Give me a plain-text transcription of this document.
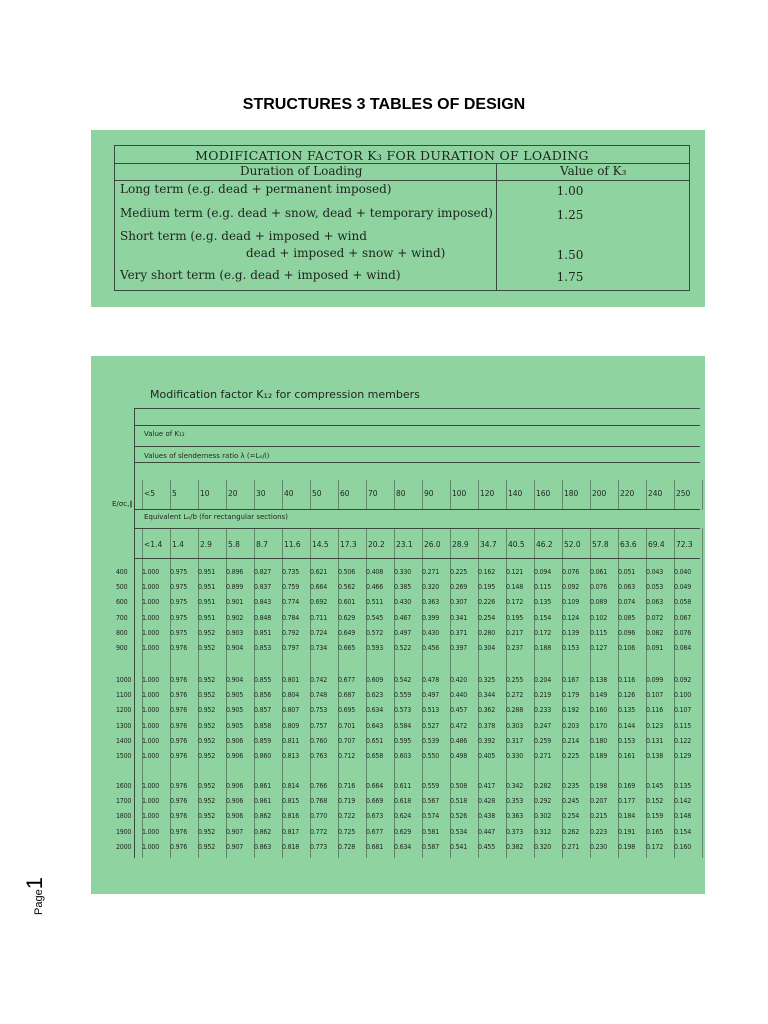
STRUCTURES 3 TABLES OF DESIGN
MODIFICATION FACTOR K₃ FOR DURATION OF LOADING
Duration of Loading	Value of K₃
Long term (e.g. dead + permanent imposed)	1.00
Medium term (e.g. dead + snow, dead + temporary imposed)	1.25
Short term (e.g. dead + imposed + wind
dead + imposed + snow + wind)	1.50
Very short term (e.g. dead + imposed + wind)	1.75
Modification factor K₁₂ for compression members
Value of K₁₂
Values of slenderness ratio λ (=Lₑ/i)
Equivalent Lₑ/b (for rectangular sections)
E/σc,∥
<5 5	10 20 30 40 50 60 70 80 90 100 120 140 160 180 200 220 240 250
<1.4 1.4 2.9 5.8 8.7 11.6 14.5 17.3 20.2 23.1 26.0 28.9 34.7 40.5 46.2 52.0 57.8 63.6 69.4 72.3
400 1.000 0.975 0.951 0.896 0.827 0.735 0.621 0.506 0.408 0.330 0.271 0.225 0.162 0.121 0.094 0.076 0.061 0.051 0.043 0.040
500 1.000 0.975 0.951 0.899 0.837 0.759 0.664 0.562 0.466 0.385 0.320 0.269 0.195 0.148 0.115 0.092 0.076 0.063 0.053 0.049
600 1.000 0.975 0.951 0.901 0.843 0.774 0.692 0.601 0.511 0.430 0.363 0.307 0.226 0.172 0.135 0.109 0.089 0.074 0.063 0.058
700 1.000 0.975 0.951 0.902 0.848 0.784 0.711 0.629 0.545 0.467 0.399 0.341 0.254 0.195 0.154 0.124 0.102 0.085 0.072 0.067
800 1.000 0.975 0.952 0.903 0.851 0.792 0.724 0.649 0.572 0.497 0.430 0.371 0.280 0.217 0.172 0.139 0.115 0.096 0.082 0.076
900 1.000 0.976 0.952 0.904 0.853 0.797 0.734 0.665 0.593 0.522 0.456 0.397 0.304 0.237 0.188 0.153 0.127 0.106 0.091 0.084
1000 1.000 0.976 0.952 0.904 0.855 0.801 0.742 0.677 0.609 0.542 0.478 0.420 0.325 0.255 0.204 0.167 0.138 0.116 0.099 0.092
1100 1.000 0.976 0.952 0.905 0.856 0.804 0.748 0.687 0.623 0.559 0.497 0.440 0.344 0.272 0.219 0.179 0.149 0.126 0.107 0.100
1200 1.000 0.976 0.952 0.905 0.857 0.807 0.753 0.695 0.634 0.573 0.513 0.457 0.362 0.288 0.233 0.192 0.160 0.135 0.116 0.107
1300 1.000 0.976 0.952 0.905 0.858 0.809 0.757 0.701 0.643 0.584 0.527 0.472 0.378 0.303 0.247 0.203 0.170 0.144 0.123 0.115
1400 1.000 0.976 0.952 0.906 0.859 0.811 0.760 0.707 0.651 0.595 0.539 0.486 0.392 0.317 0.259 0.214 0.180 0.153 0.131 0.122
1500 1.000 0.976 0.952 0.906 0.860 0.813 0.763 0.712 0.658 0.603 0.550 0.498 0.405 0.330 0.271 0.225 0.189 0.161 0.138 0.129
1600 1.000 0.976 0.952 0.906 0.861 0.814 0.766 0.716 0.664 0.611 0.559 0.508 0.417 0.342 0.282 0.235 0.198 0.169 0.145 0.135
1700 1.000 0.976 0.952 0.906 0.861 0.815 0.768 0.719 0.669 0.618 0.567 0.518 0.428 0.353 0.292 0.245 0.207 0.177 0.152 0.142
1800 1.000 0.976 0.952 0.906 0.862 0.816 0.770 0.722 0.673 0.624 0.574 0.526 0.438 0.363 0.302 0.254 0.215 0.184 0.159 0.148
1900 1.000 0.976 0.952 0.907 0.862 0.817 0.772 0.725 0.677 0.629 0.581 0.534 0.447 0.373 0.312 0.262 0.223 0.191 0.165 0.154
2000 1.000 0.976 0.952 0.907 0.863 0.818 0.773 0.728 0.681 0.634 0.587 0.541 0.455 0.382 0.320 0.271 0.230 0.198 0.172 0.160
Page1
